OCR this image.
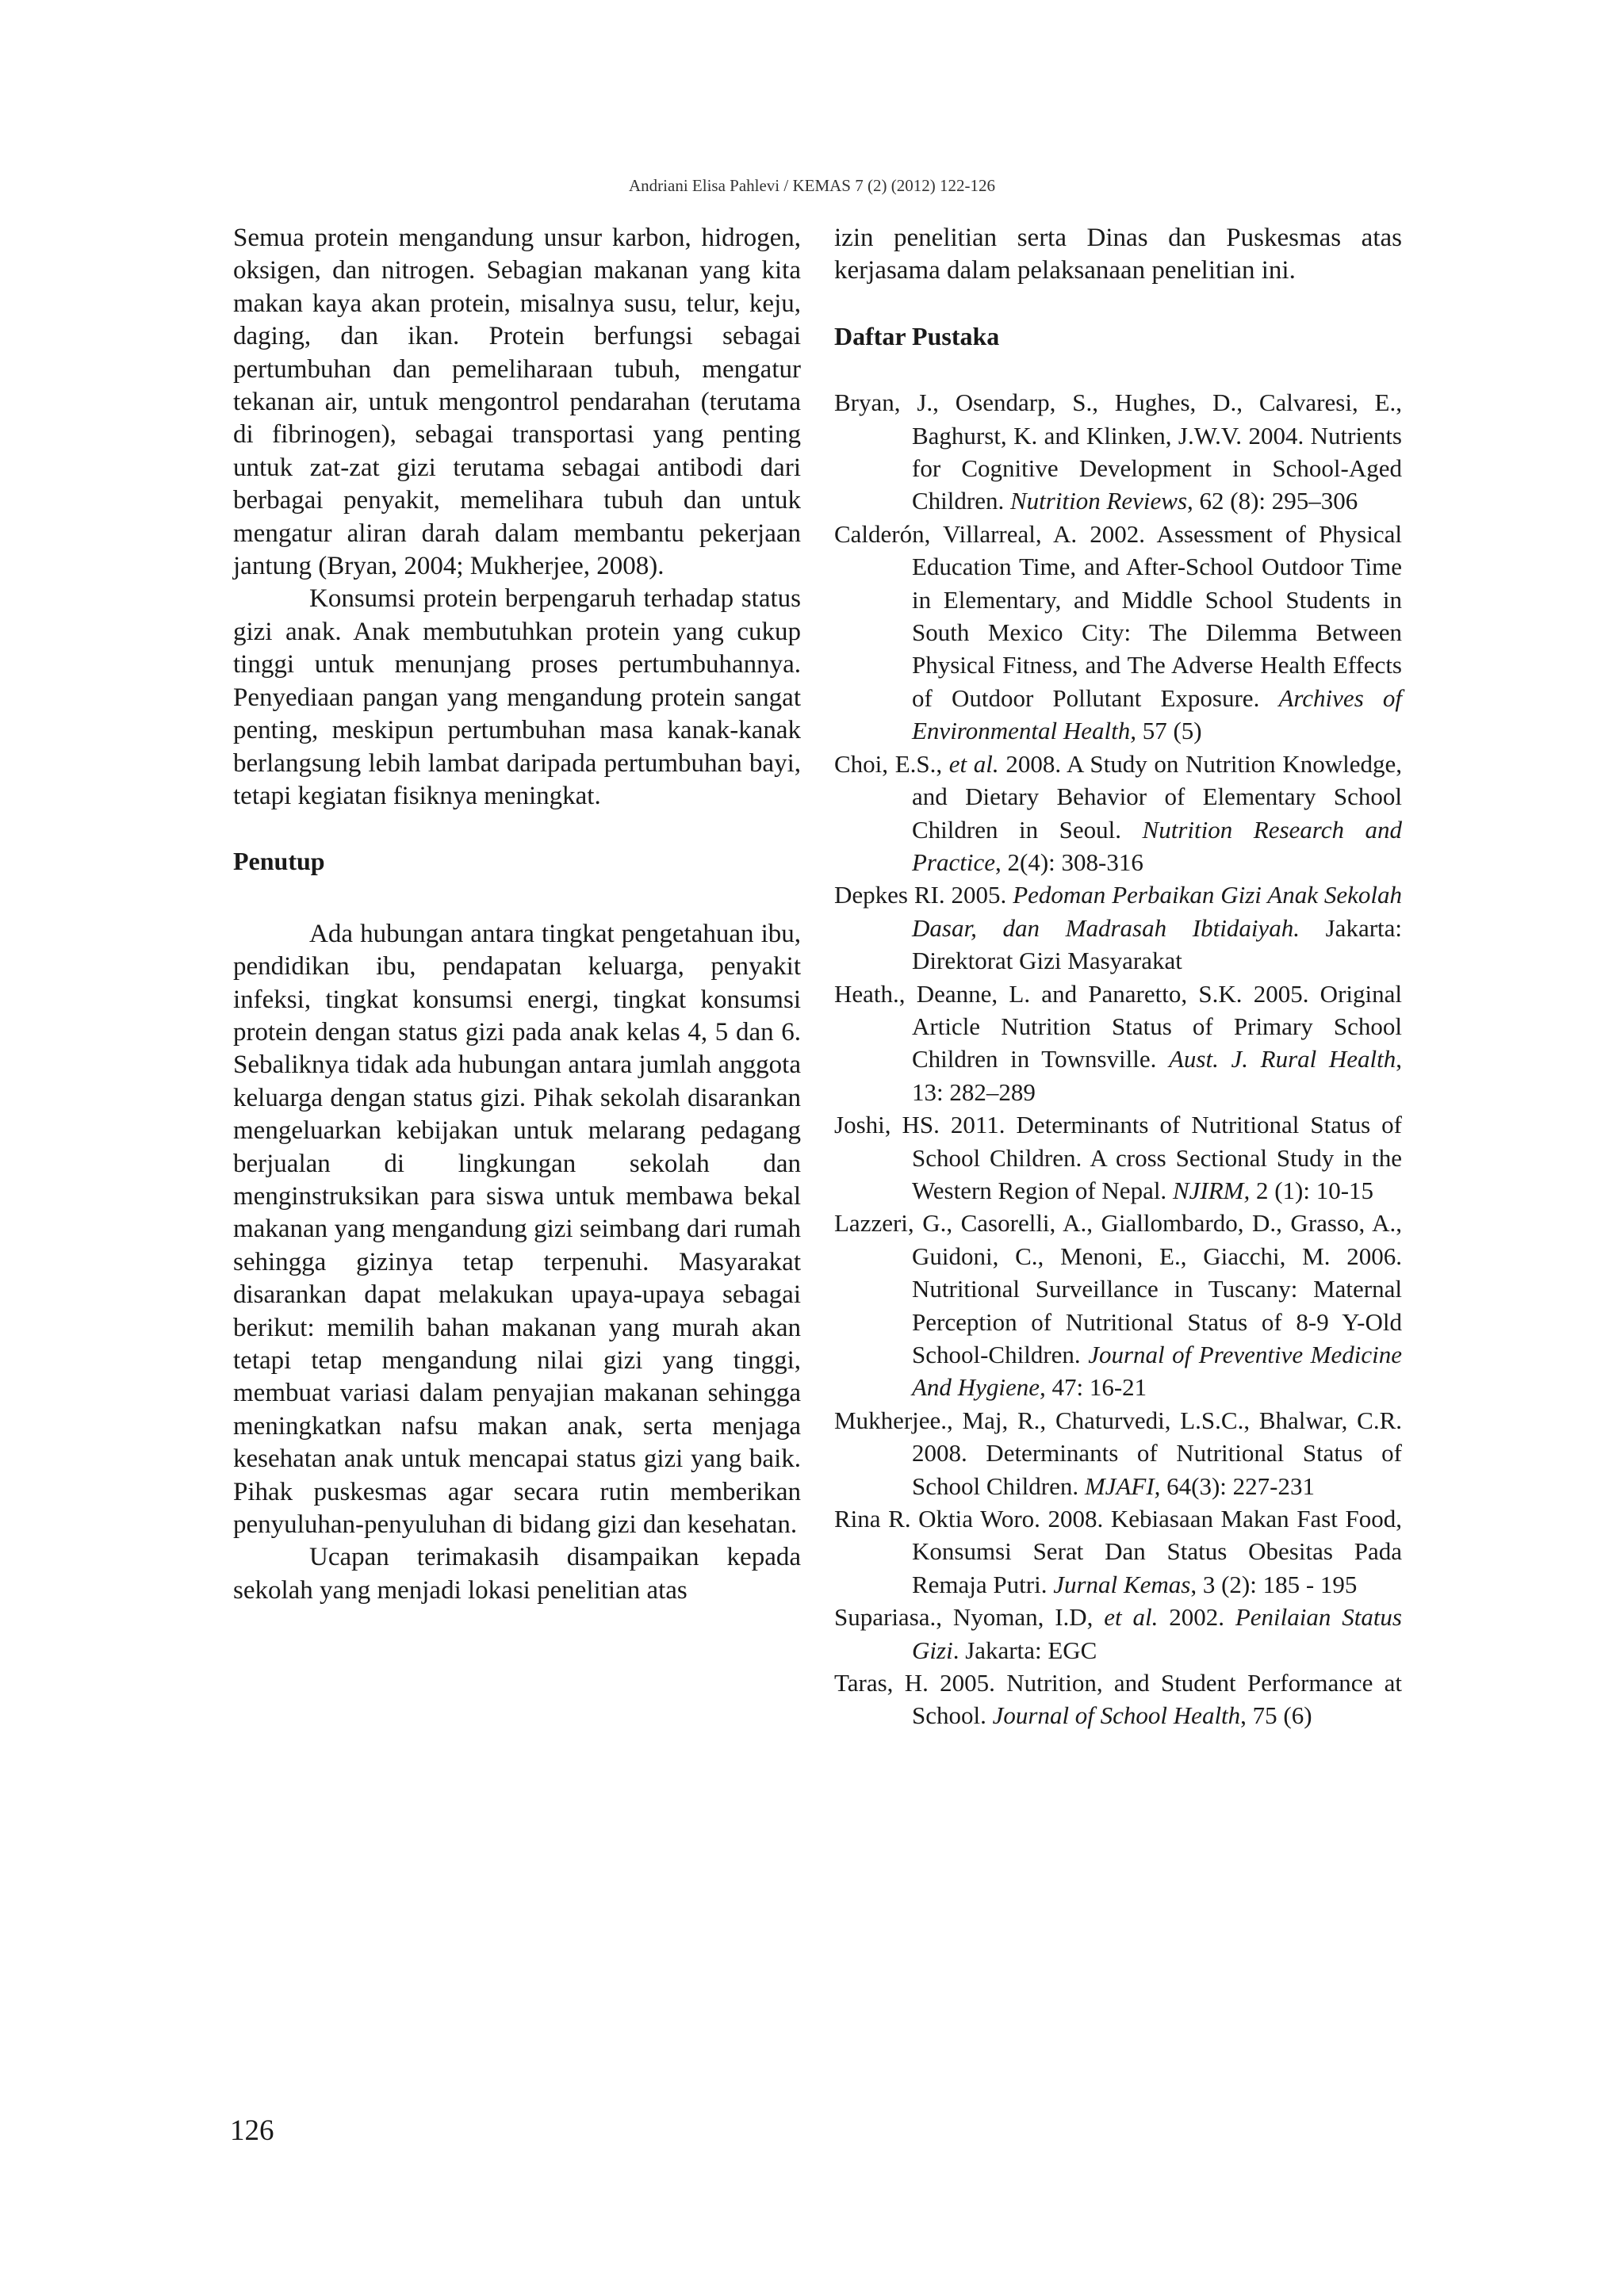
Andriani Elisa Pahlevi / KEMAS 7 (2) (2012) 122-126

Semua protein mengandung unsur karbon, hidrogen, oksigen, dan nitrogen. Sebagian makanan yang kita makan kaya akan protein, misalnya susu, telur, keju, daging, dan ikan. Protein berfungsi sebagai pertumbuhan dan pemeliharaan tubuh, mengatur tekanan air, untuk mengontrol pendarahan (terutama di fibrinogen), sebagai transportasi yang penting untuk zat-zat gizi terutama sebagai antibodi dari berbagai penyakit, memelihara tubuh dan untuk mengatur aliran darah dalam membantu pekerjaan jantung (Bryan, 2004; Mukherjee, 2008).

Konsumsi protein berpengaruh terhadap status gizi anak. Anak membutuhkan protein yang cukup tinggi untuk menunjang proses pertumbuhannya. Penyediaan pangan yang mengandung protein sangat penting, meskipun pertumbuhan masa kanak-kanak berlangsung lebih lambat daripada pertumbuhan bayi, tetapi kegiatan fisiknya meningkat.

Penutup

Ada hubungan antara tingkat pengetahuan ibu, pendidikan ibu, pendapatan keluarga, penyakit infeksi, tingkat konsumsi energi, tingkat konsumsi protein dengan status gizi pada anak kelas 4, 5 dan 6. Sebaliknya tidak ada hubungan antara jumlah anggota keluarga dengan status gizi. Pihak sekolah disarankan mengeluarkan kebijakan untuk melarang pedagang berjualan di lingkungan sekolah dan menginstruksikan para siswa untuk membawa bekal makanan yang mengandung gizi seimbang dari rumah sehingga gizinya tetap terpenuhi. Masyarakat disarankan dapat melakukan upaya-upaya sebagai berikut: memilih bahan makanan yang murah akan tetapi tetap mengandung nilai gizi yang tinggi, membuat variasi dalam penyajian makanan sehingga meningkatkan nafsu makan anak, serta menjaga kesehatan anak untuk mencapai status gizi yang baik. Pihak puskesmas agar secara rutin memberikan penyuluhan-penyuluhan di bidang gizi dan kesehatan.

Ucapan terimakasih disampaikan kepada sekolah yang menjadi lokasi penelitian atas

izin penelitian serta Dinas dan Puskesmas atas kerjasama dalam pelaksanaan penelitian ini.

Daftar Pustaka

Bryan, J., Osendarp, S., Hughes, D., Calvaresi, E., Baghurst, K. and Klinken, J.W.V. 2004. Nutrients for Cognitive Development in School-Aged Children. Nutrition Reviews, 62 (8): 295–306

Calderón, Villarreal, A. 2002. Assessment of Physical Education Time, and After-School Outdoor Time in Elementary, and Middle School Students in South Mexico City: The Dilemma Between Physical Fitness, and The Adverse Health Effects of Outdoor Pollutant Exposure. Archives of Environmental Health, 57 (5)

Choi, E.S., et al. 2008. A Study on Nutrition Knowledge, and Dietary Behavior of Elementary School Children in Seoul. Nutrition Research and Practice, 2(4): 308-316

Depkes RI. 2005. Pedoman Perbaikan Gizi Anak Sekolah Dasar, dan Madrasah Ibtidaiyah. Jakarta: Direktorat Gizi Masyarakat

Heath., Deanne, L. and Panaretto, S.K. 2005. Original Article Nutrition Status of Primary School Children in Townsville. Aust. J. Rural Health, 13: 282–289

Joshi, HS. 2011. Determinants of Nutritional Status of School Children. A cross Sectional Study in the Western Region of Nepal. NJIRM, 2 (1): 10-15

Lazzeri, G., Casorelli, A., Giallombardo, D., Grasso, A., Guidoni, C., Menoni, E., Giacchi, M. 2006. Nutritional Surveillance in Tuscany: Maternal Perception of Nutritional Status of 8-9 Y-Old School-Children. Journal of Preventive Medicine And Hygiene, 47: 16-21

Mukherjee., Maj, R., Chaturvedi, L.S.C., Bhalwar, C.R. 2008. Determinants of Nutritional Status of School Children. MJAFI, 64(3): 227-231

Rina R. Oktia Woro. 2008. Kebiasaan Makan Fast Food, Konsumsi Serat Dan Status Obesitas Pada Remaja Putri. Jurnal Kemas, 3 (2): 185 - 195

Supariasa., Nyoman, I.D, et al. 2002. Penilaian Status Gizi. Jakarta: EGC

Taras, H. 2005. Nutrition, and Student Performance at School. Journal of School Health, 75 (6)

126
